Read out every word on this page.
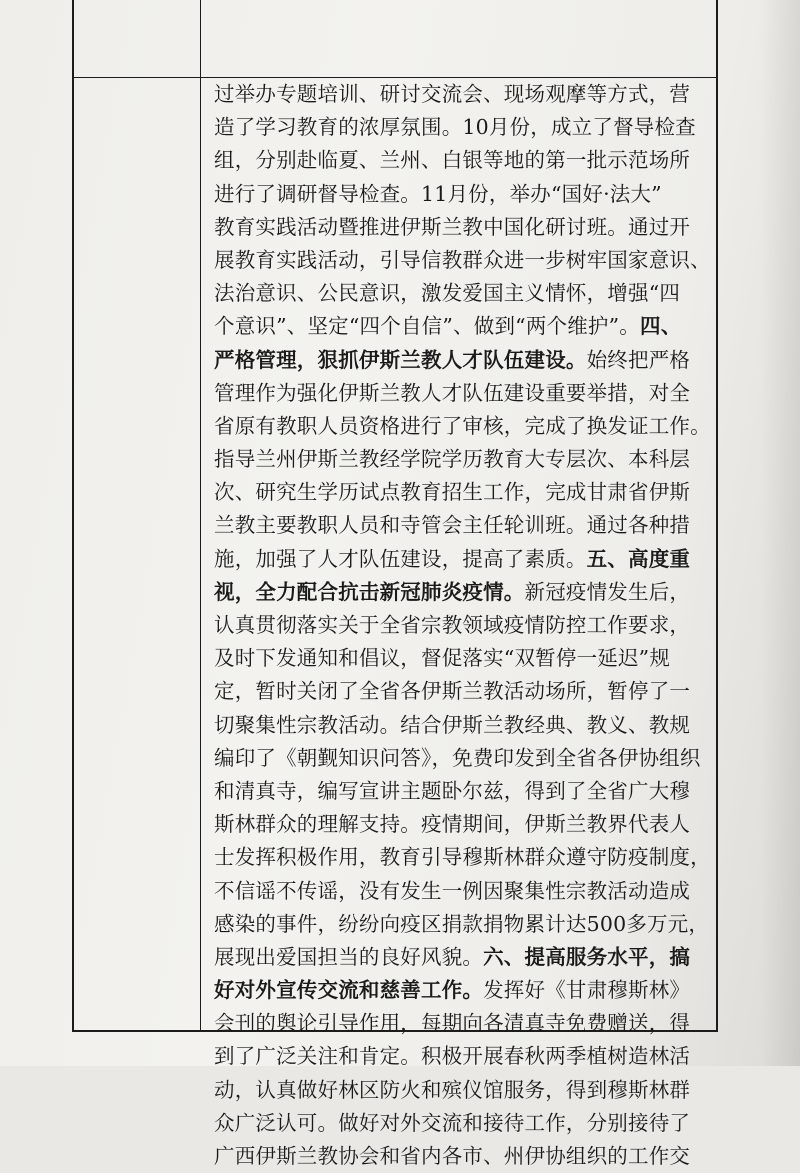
过举办专题培训、研讨交流会、现场观摩等方式，营
造了学习教育的浓厚氛围。10月份，成立了督导检查
组，分别赴临夏、兰州、白银等地的第一批示范场所
进行了调研督导检查。11月份，举办“国好·法大”
教育实践活动暨推进伊斯兰教中国化研讨班。通过开
展教育实践活动，引导信教群众进一步树牢国家意识、
法治意识、公民意识，激发爱国主义情怀，增强“四
个意识”、坚定“四个自信”、做到“两个维护”。四、
严格管理，狠抓伊斯兰教人才队伍建设。始终把严格
管理作为强化伊斯兰教人才队伍建设重要举措，对全
省原有教职人员资格进行了审核，完成了换发证工作。
指导兰州伊斯兰教经学院学历教育大专层次、本科层
次、研究生学历试点教育招生工作，完成甘肃省伊斯
兰教主要教职人员和寺管会主任轮训班。通过各种措
施，加强了人才队伍建设，提高了素质。五、高度重
视，全力配合抗击新冠肺炎疫情。新冠疫情发生后，
认真贯彻落实关于全省宗教领域疫情防控工作要求，
及时下发通知和倡议，督促落实“双暂停一延迟”规
定，暂时关闭了全省各伊斯兰教活动场所，暂停了一
切聚集性宗教活动。结合伊斯兰教经典、教义、教规
编印了《朝觐知识问答》，免费印发到全省各伊协组织
和清真寺，编写宣讲主题卧尔兹，得到了全省广大穆
斯林群众的理解支持。疫情期间，伊斯兰教界代表人
士发挥积极作用，教育引导穆斯林群众遵守防疫制度，
不信谣不传谣，没有发生一例因聚集性宗教活动造成
感染的事件，纷纷向疫区捐款捐物累计达500多万元，
展现出爱国担当的良好风貌。六、提高服务水平，搞
好对外宣传交流和慈善工作。发挥好《甘肃穆斯林》
会刊的舆论引导作用，每期向各清真寺免费赠送，得
到了广泛关注和肯定。积极开展春秋两季植树造林活
动，认真做好林区防火和殡仪馆服务，得到穆斯林群
众广泛认可。做好对外交流和接待工作，分别接待了
广西伊斯兰教协会和省内各市、州伊协组织的工作交
